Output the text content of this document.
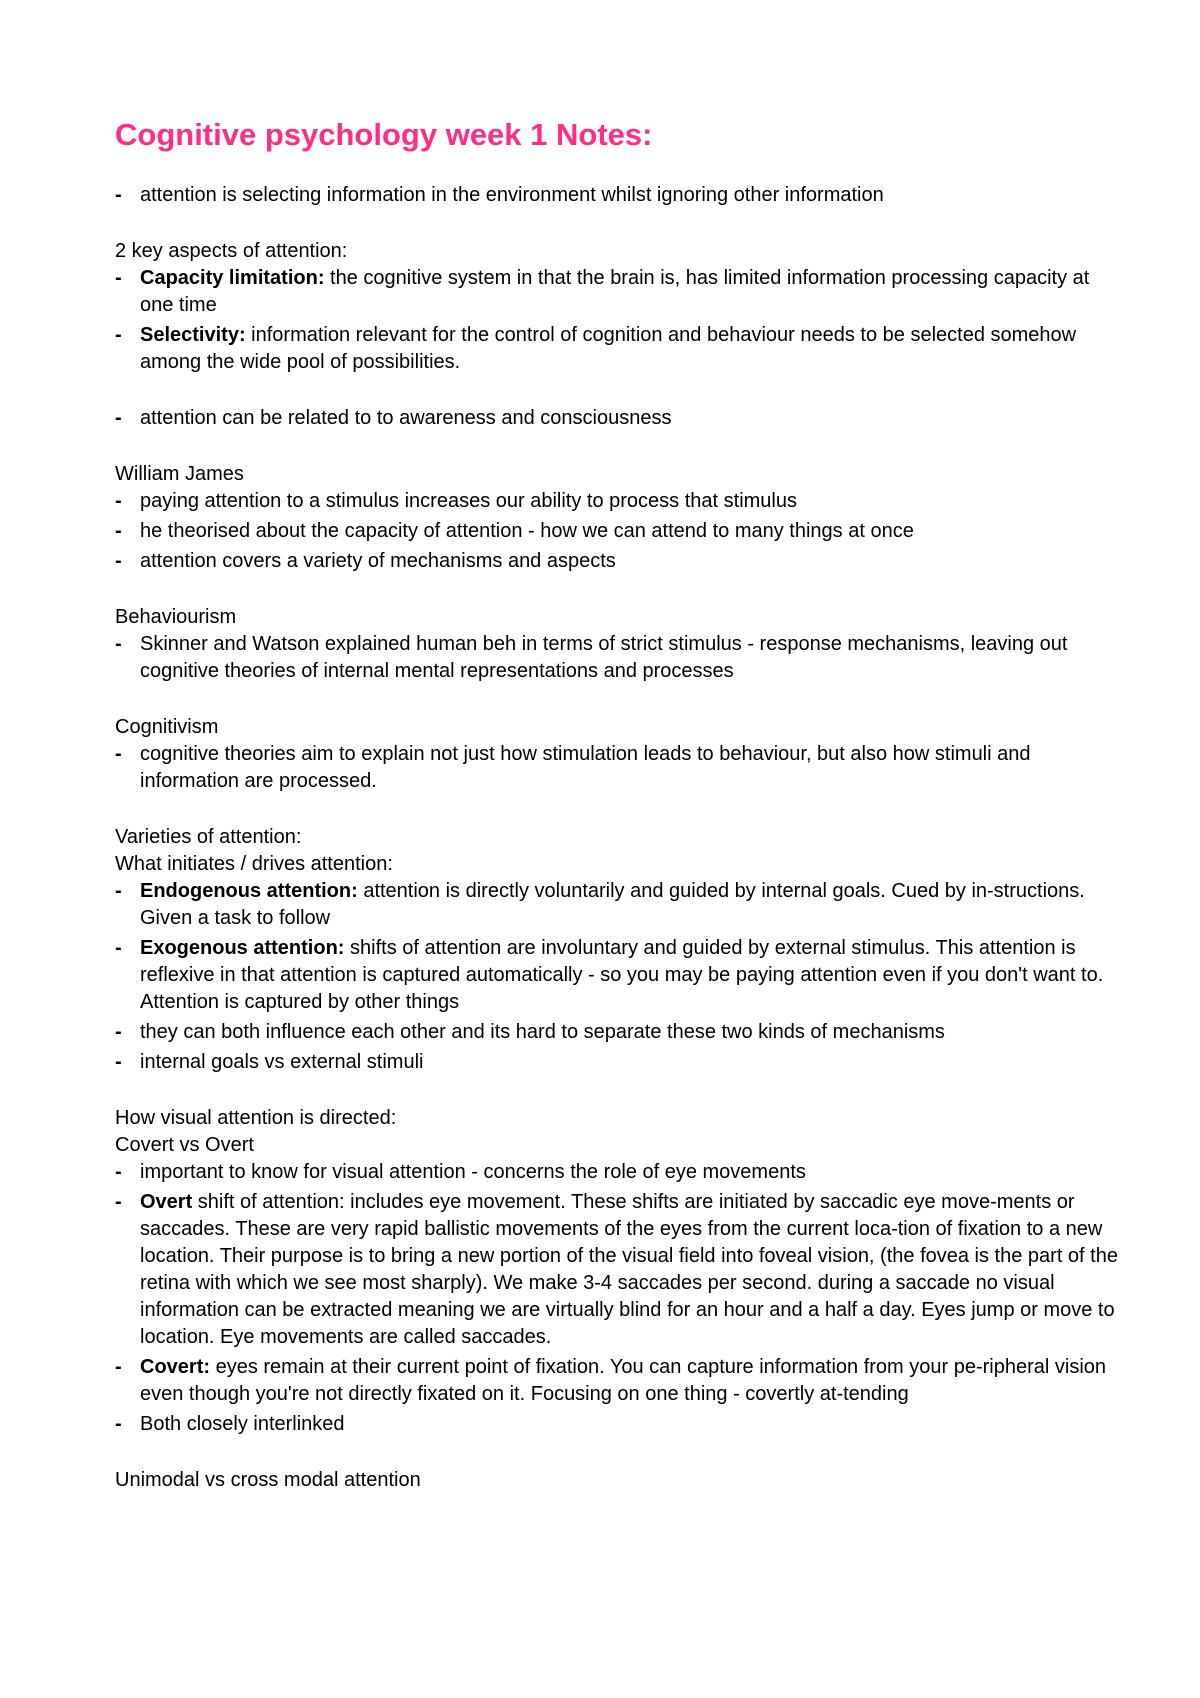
Cognitive psychology week 1 Notes:
- attention is selecting information in the environment whilst ignoring other information

2 key aspects of attention:

- Capacity limitation: the cognitive system in that the brain is, has limited information processing capacity at one time
- Selectivity: information relevant for the control of cognition and behaviour needs to be selected somehow among the wide pool of possibilities.
- attention can be related to to awareness and consciousness

William James

- paying attention to a stimulus increases our ability to process that stimulus
- he theorised about the capacity of attention - how we can attend to many things at once
- attention covers a variety of mechanisms and aspects

Behaviourism

- Skinner and Watson explained human beh in terms of strict stimulus - response mechanisms, leaving out cognitive theories of internal mental representations and processes

Cognitivism

- cognitive theories aim to explain not just how stimulation leads to behaviour, but also how stimuli and information are processed.

Varieties of attention:

What initiates / drives attention:

- Endogenous attention: attention is directly voluntarily and guided by internal goals. Cued by in-structions. Given a task to follow
- Exogenous attention: shifts of attention are involuntary and guided by external stimulus. This attention is reflexive in that attention is captured automatically - so you may be paying attention even if you don't want to. Attention is captured by other things
- they can both influence each other and its hard to separate these two kinds of mechanisms
- internal goals vs external stimuli

How visual attention is directed:

Covert vs Overt

- important to know for visual attention - concerns the role of eye movements
- Overt shift of attention: includes eye movement. These shifts are initiated by saccadic eye move-ments or saccades. These are very rapid ballistic movements of the eyes from the current loca-tion of fixation to a new location. Their purpose is to bring a new portion of the visual field into foveal vision, (the fovea is the part of the retina with which we see most sharply). We make 3-4 saccades per second. during a saccade no visual information can be extracted meaning we are virtually blind for an hour and a half a day. Eyes jump or move to location. Eye movements are called saccades.
- Covert: eyes remain at their current point of fixation. You can capture information from your pe-ripheral vision even though you're not directly fixated on it. Focusing on one thing - covertly at-tending
- Both closely interlinked

Unimodal vs cross modal attention
